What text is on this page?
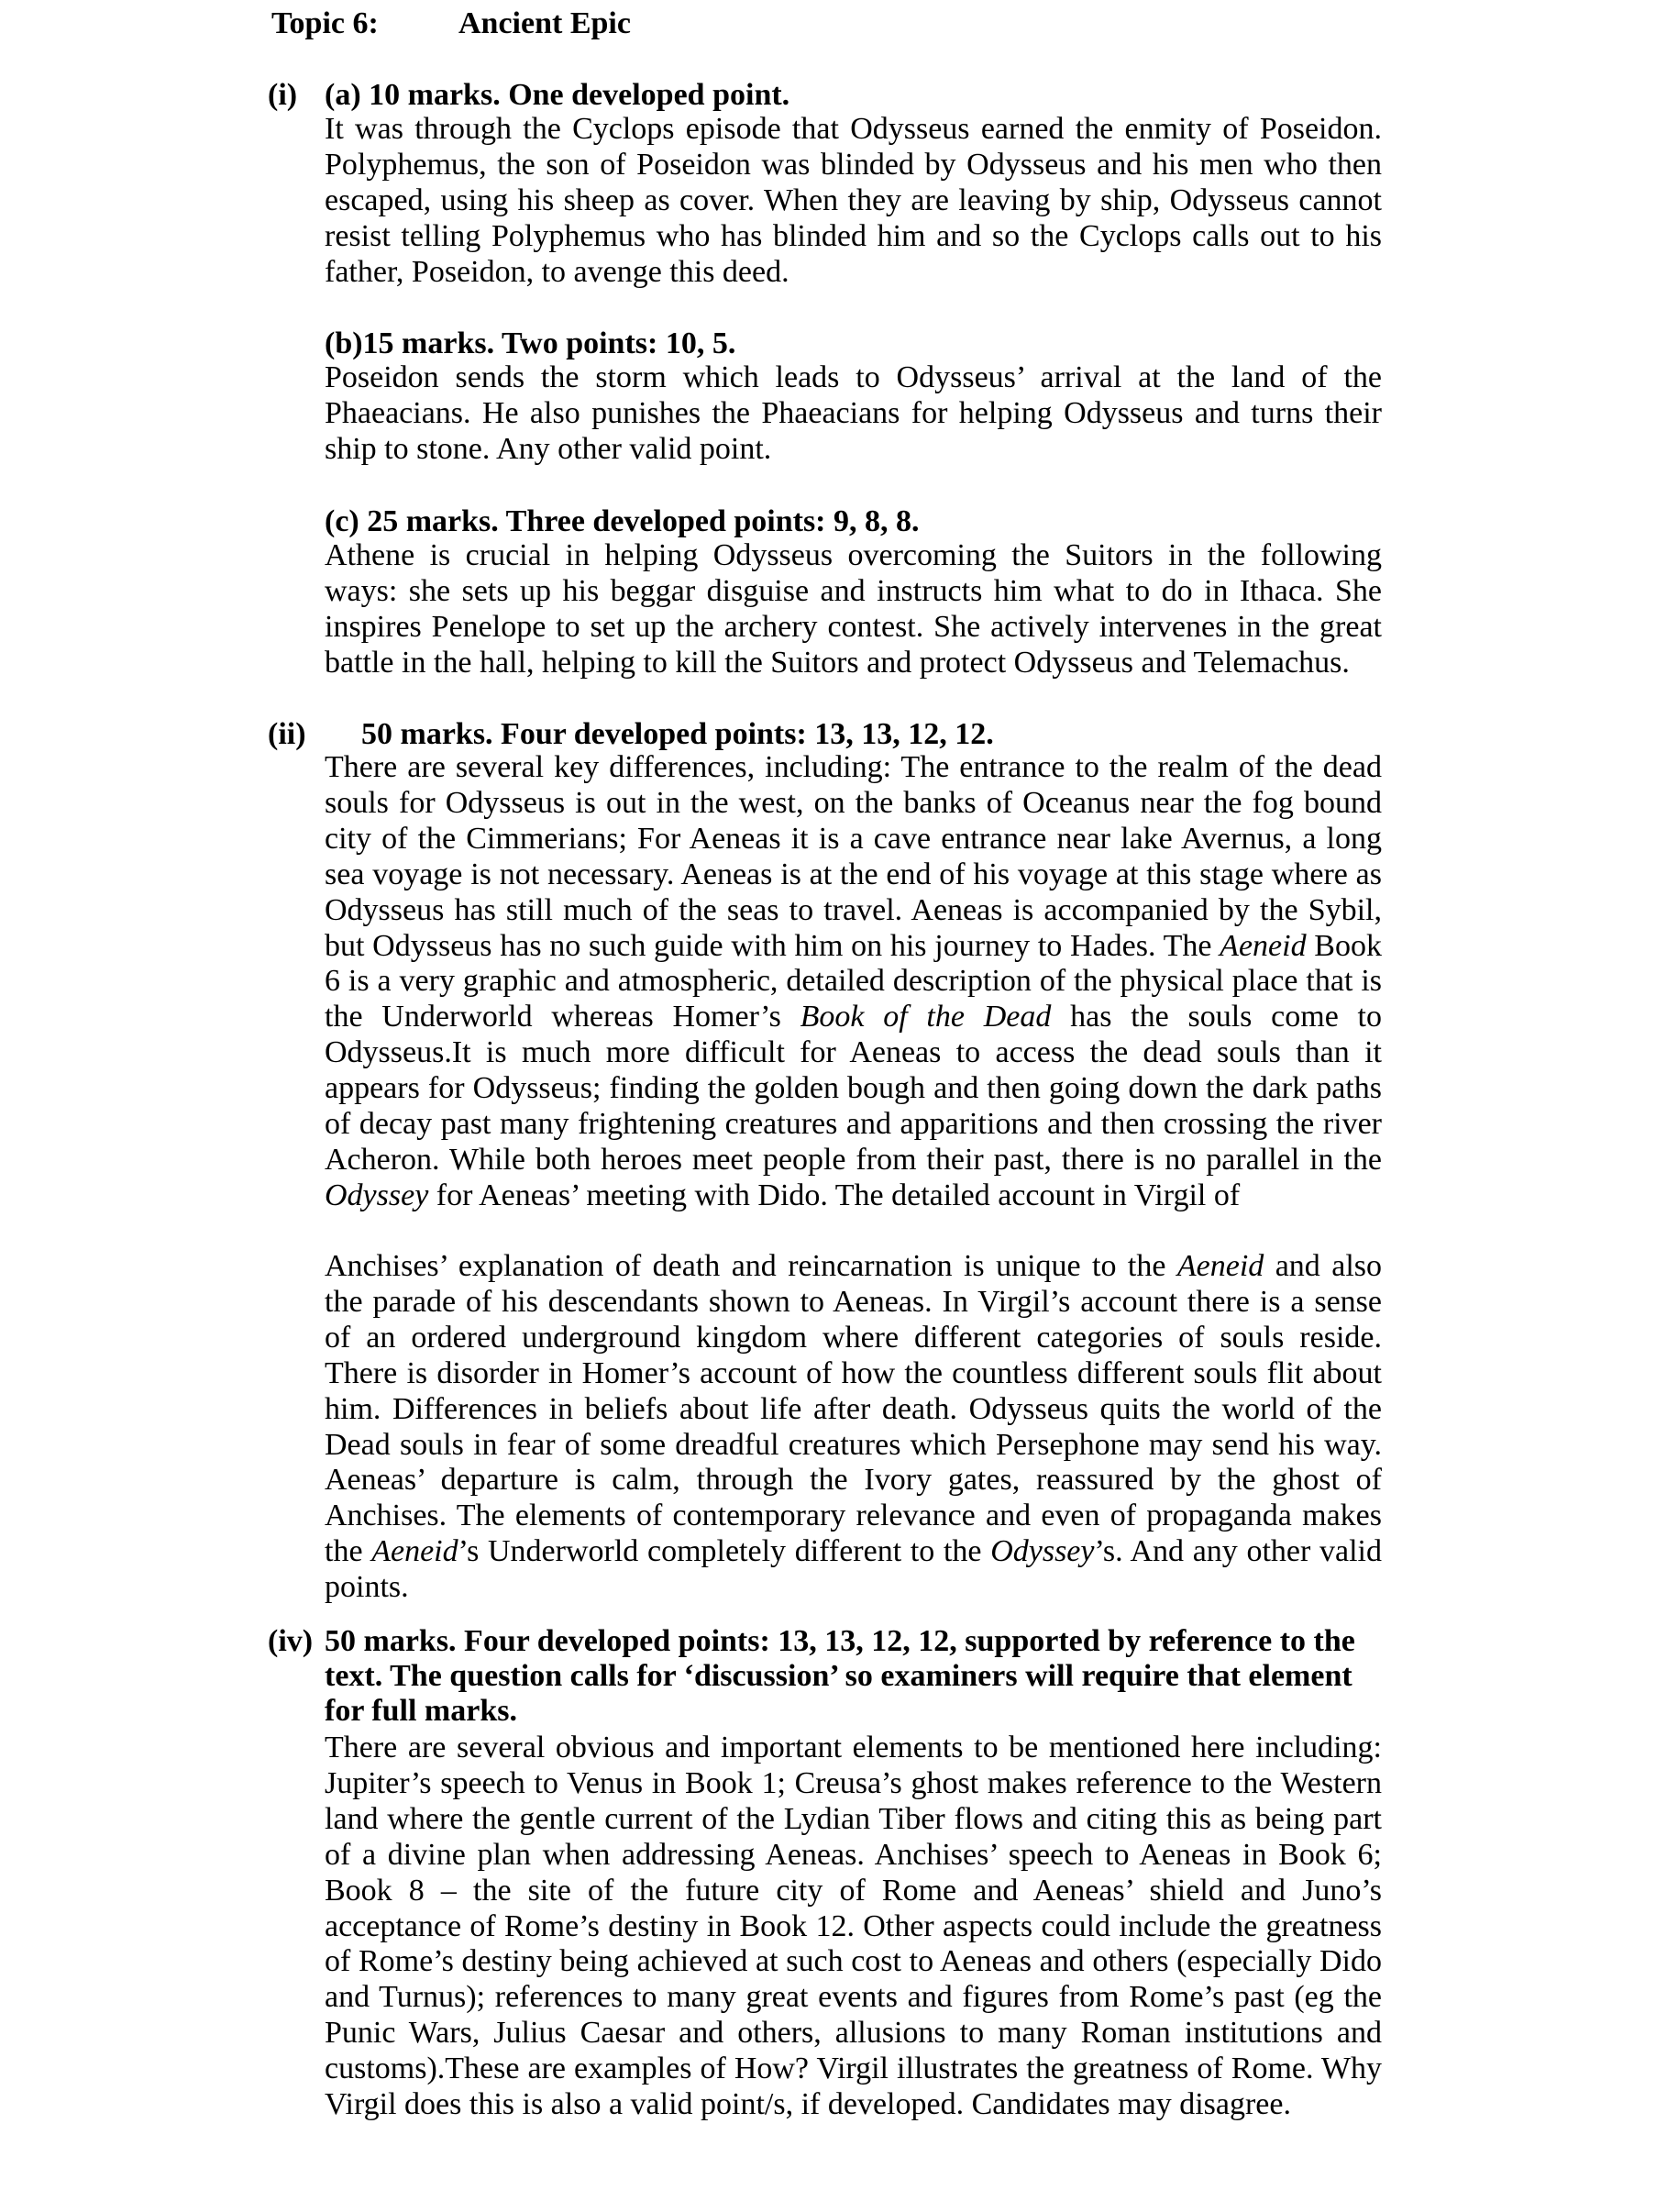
Topic 6:	Ancient Epic
(i) (a) 10 marks. One developed point.

It was through the Cyclops episode that Odysseus earned the enmity of Poseidon. Polyphemus, the son of Poseidon was blinded by Odysseus and his men who then escaped, using his sheep as cover. When they are leaving by ship, Odysseus cannot resist telling Polyphemus who has blinded him and so the Cyclops calls out to his father, Poseidon, to avenge this deed.

(b)15 marks. Two points: 10, 5.

Poseidon sends the storm which leads to Odysseus’ arrival at the land of the Phaeacians. He also punishes the Phaeacians for helping Odysseus and turns their ship to stone. Any other valid point.

(c) 25 marks. Three developed points: 9, 8, 8.

Athene is crucial in helping Odysseus overcoming the Suitors in the following ways: she sets up his beggar disguise and instructs him what to do in Ithaca. She inspires Penelope to set up the archery contest. She actively intervenes in the great battle in the hall, helping to kill the Suitors and protect Odysseus and Telemachus.

(ii) 50 marks. Four developed points: 13, 13, 12, 12.

There are several key differences, including: The entrance to the realm of the dead souls for Odysseus is out in the west, on the banks of Oceanus near the fog bound city of the Cimmerians; For Aeneas it is a cave entrance near lake Avernus, a long sea voyage is not necessary. Aeneas is at the end of his voyage at this stage where as Odysseus has still much of the seas to travel. Aeneas is accompanied by the Sybil, but Odysseus has no such guide with him on his journey to Hades. The Aeneid Book 6 is a very graphic and atmospheric, detailed description of the physical place that is the Underworld whereas Homer’s Book of the Dead has the souls come to Odysseus.It is much more difficult for Aeneas to access the dead souls than it appears for Odysseus; finding the golden bough and then going down the dark paths of decay past many frightening creatures and apparitions and then crossing the river Acheron. While both heroes meet people from their past, there is no parallel in the Odyssey for Aeneas’ meeting with Dido. The detailed account in Virgil of

Anchises’ explanation of death and reincarnation is unique to the Aeneid and also the parade of his descendants shown to Aeneas. In Virgil’s account there is a sense of an ordered underground kingdom where different categories of souls reside. There is disorder in Homer’s account of how the countless different souls flit about him. Differences in beliefs about life after death. Odysseus quits the world of the Dead souls in fear of some dreadful creatures which Persephone may send his way. Aeneas’ departure is calm, through the Ivory gates, reassured by the ghost of Anchises. The elements of contemporary relevance and even of propaganda makes the Aeneid’s Underworld completely different to the Odyssey’s. And any other valid points.

(iv) 50 marks. Four developed points: 13, 13, 12, 12, supported by reference to the text. The question calls for ‘discussion’ so examiners will require that element for full marks.

There are several obvious and important elements to be mentioned here including: Jupiter’s speech to Venus in Book 1; Creusa’s ghost makes reference to the Western land where the gentle current of the Lydian Tiber flows and citing this as being part of a divine plan when addressing Aeneas. Anchises’ speech to Aeneas in Book 6; Book 8 – the site of the future city of Rome and Aeneas’ shield and Juno’s acceptance of Rome’s destiny in Book 12. Other aspects could include the greatness of Rome’s destiny being achieved at such cost to Aeneas and others (especially Dido and Turnus); references to many great events and figures from Rome’s past (eg the Punic Wars, Julius Caesar and others, allusions to many Roman institutions and customs).These are examples of How? Virgil illustrates the greatness of Rome. Why Virgil does this is also a valid point/s, if developed. Candidates may disagree.
